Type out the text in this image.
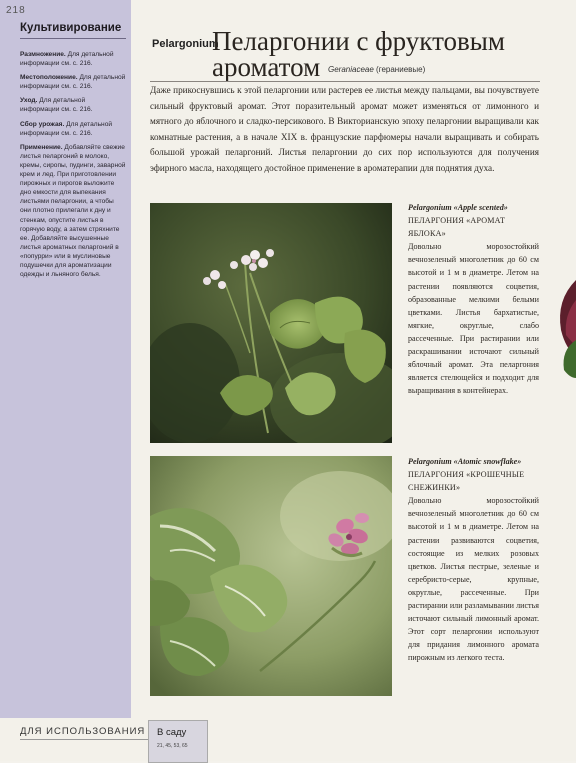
218
Культивирование
Размножение. Для детальной информации см. с. 216.
Местоположение. Для детальной информации см. с. 216.
Уход. Для детальной информации см. с. 216.
Сбор урожая. Для детальной информации см. с. 216.
Применение. Добавляйте свежие листья пеларгоний в молоко, кремы, сиропы, пудинги, заварной крем и лед. При приготовлении пирожных и пирогов выложите дно емкости для выпекания листьями пеларгонии, а чтобы они плотно прилегали к дну и стенкам, опустите листья в горячую воду, а затем стряхните ее. Добавляйте высушенные листья ароматных пеларгоний в «попурри» или в муслиновые подушечки для ароматизации одежды и льняного белья.
Pelargonium
Пеларгонии с фруктовым
ароматом Geraniaceae (гераниевые)

Даже прикоснувшись к этой пеларгонии или растерев ее листья между пальцами, вы почувствуете сильный фруктовый аромат. Этот поразительный аромат может изменяться от лимонного и мятного до яблочного и сладко-персикового. В Викторианскую эпоху пеларгонии выращивали как комнатные растения, а в начале XIX в. французские парфюмеры начали выращивать и собирать большой урожай пеларгоний. Листья пеларгонии до сих пор используются для получения эфирного масла, находящего достойное применение в ароматерапии для поднятия духа.

Pelargonium «Apple scented»
ПЕЛАРГОНИЯ «АРОМАТ ЯБЛОКА»
Довольно морозостойкий вечнозеленый многолетник до 60 см высотой и 1 м в диаметре. Летом на растении появляются соцветия, образованные мелкими белыми цветками. Листья бархатистые, мягкие, округлые, слабо рассеченные. При растирании или раскрашивании источают сильный яблочный аромат. Эта пеларгония является стелющейся и подходит для выращивания в контейнерах.
Pelargonium «Atomic snowflake»
ПЕЛАРГОНИЯ «КРОШЕЧНЫЕ СНЕЖИНКИ»
Довольно морозостойкий вечнозеленый многолетник до 60 см высотой и 1 м в диаметре. Летом на растении развиваются соцветия, состоящие из мелких розовых цветков. Листья пестрые, зеленые и серебристо-серые, крупные, округлые, рассеченные. При растирании или разламывании листья источают сильный лимонный аромат. Этот сорт пеларгонии используют для придания лимонного аромата пирожным из легкого теста.
ДЛЯ ИСПОЛЬЗОВАНИЯ В саду
21, 45, 53, 65
